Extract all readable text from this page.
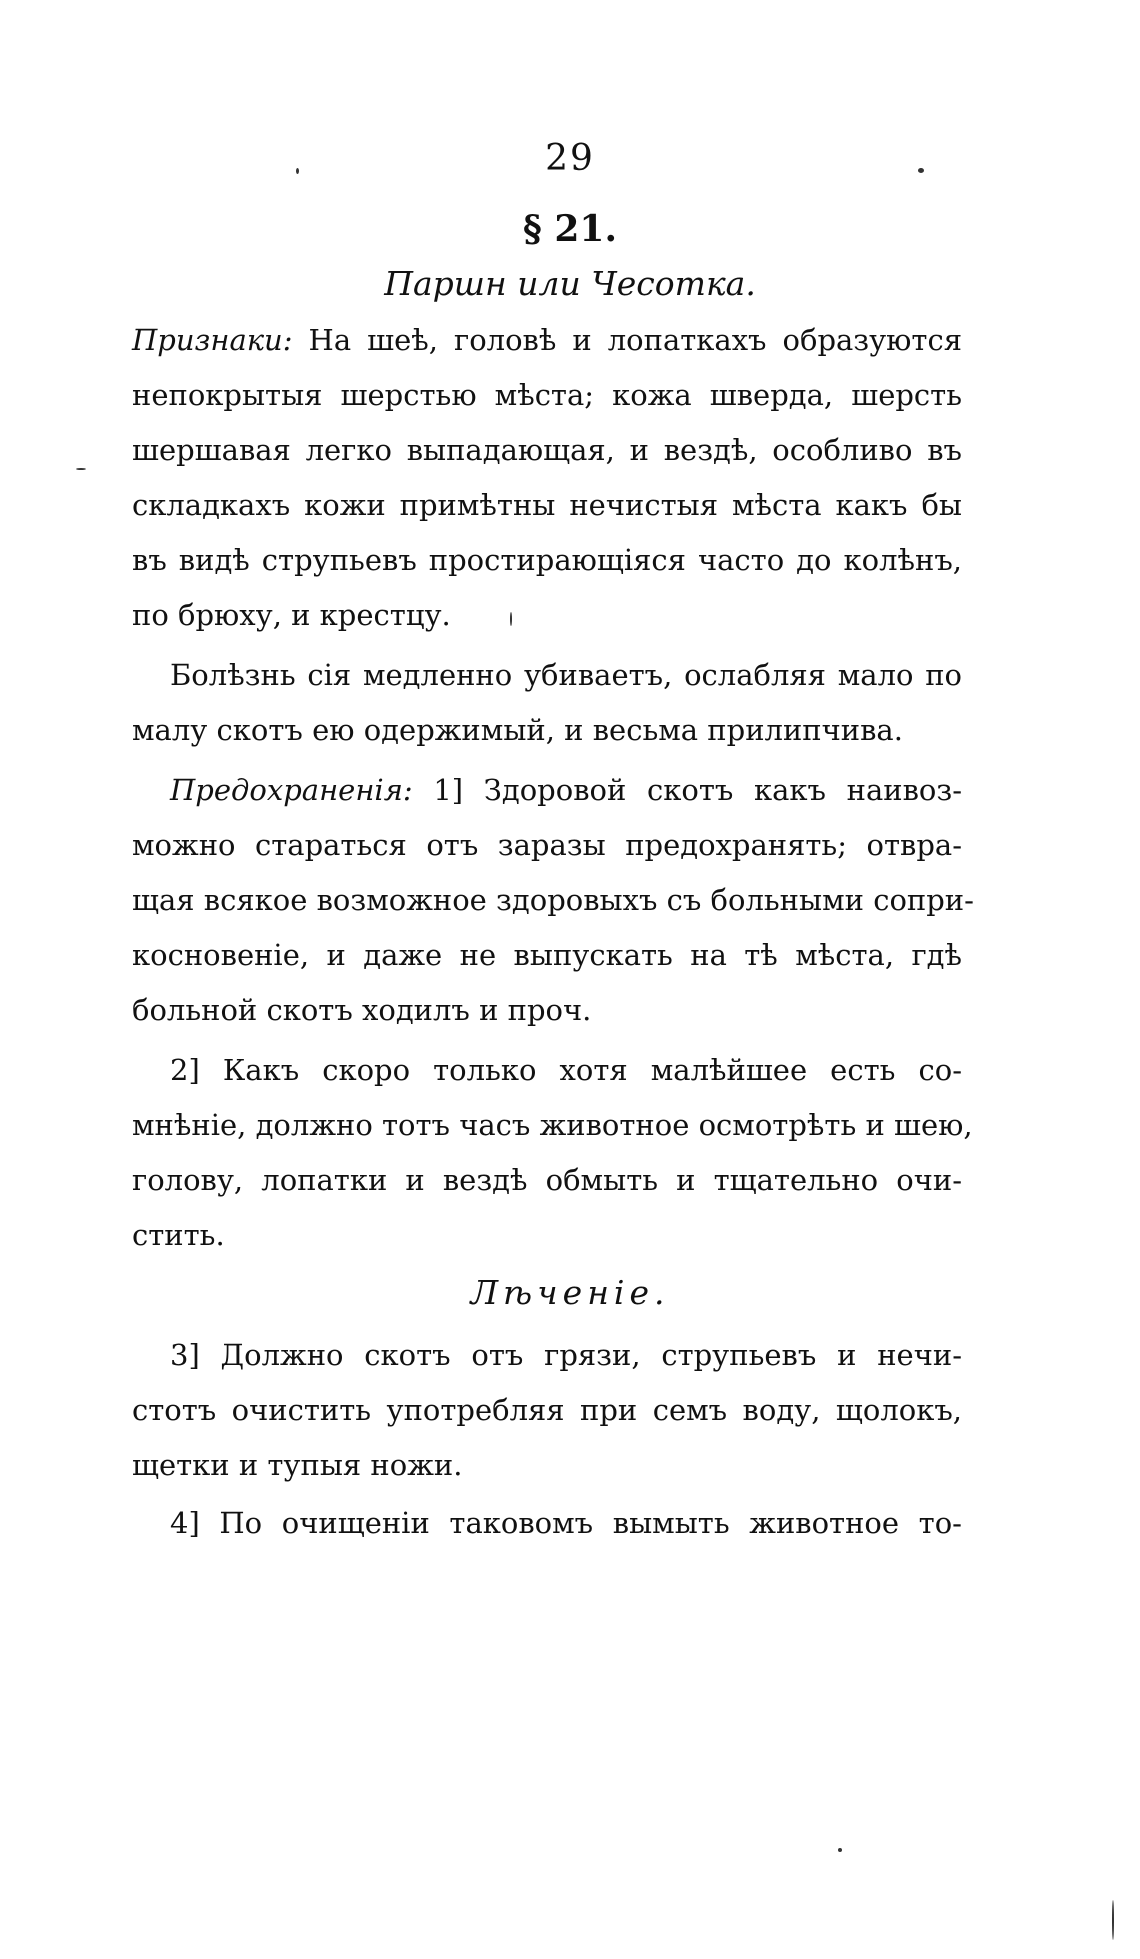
29
§ 21.
Паршн или Чесотка.
Признаки: На шеѣ, головѣ и лопаткахъ образуются
непокрытыя шерстью мѣста; кожа шверда, шерсть
шершавая легко выпадающая, и вездѣ, особливо въ
складкахъ кожи примѣтны нечистыя мѣста какъ бы
въ видѣ струпьевъ простирающіяся часто до колѣнъ,
по брюху, и крестцу.
Болѣзнь сія медленно убиваетъ, ослабляя мало по
малу скотъ ею одержимый, и весьма прилипчива.
Предохраненія: 1] Здоровой скотъ какъ наивоз-
можно стараться отъ заразы предохранять; отвра-
щая всякое возможное здоровыхъ съ больными сопри-
косновеніе, и даже не выпускать на тѣ мѣста, гдѣ
больной скотъ ходилъ и проч.
2] Какъ скоро только хотя малѣйшее есть со-
мнѣніе, должно тотъ часъ животное осмотрѣть и шею,
голову, лопатки и вездѣ обмыть и тщательно очи-
стить.
Лѣченіе.
3] Должно скотъ отъ грязи, струпьевъ и нечи-
стотъ очистить употребляя при семъ воду, щолокъ,
щетки и тупыя ножи.
4] По очищеніи таковомъ вымыть животное то-
